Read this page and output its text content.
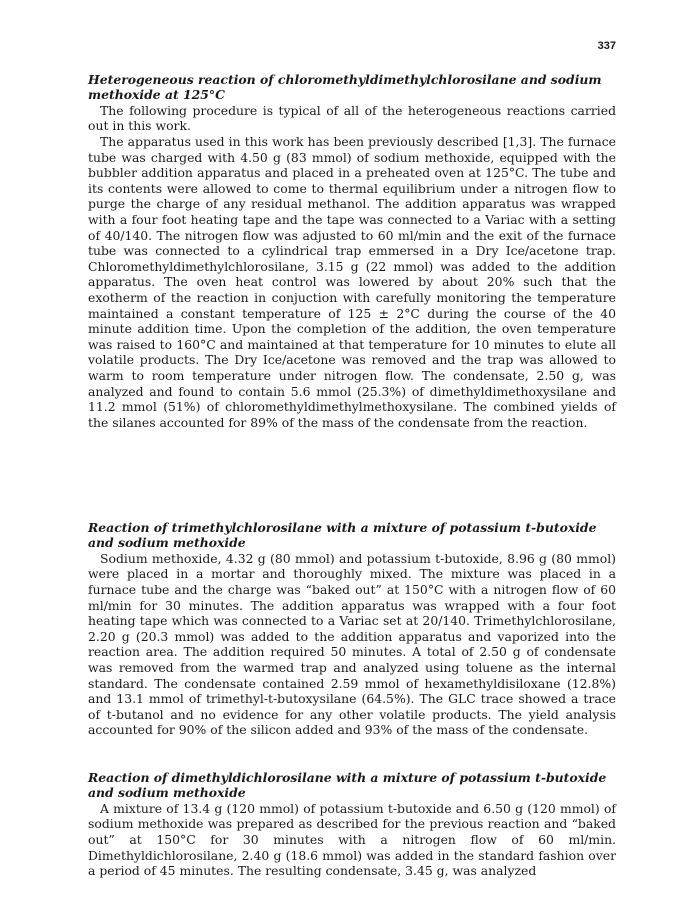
337

Heterogeneous reaction of chloromethyldimethylchlorosilane and sodium methoxide at 125°C

The following procedure is typical of all of the heterogeneous reactions carried out in this work.

The apparatus used in this work has been previously described [1,3]. The furnace tube was charged with 4.50 g (83 mmol) of sodium methoxide, equipped with the bubbler addition apparatus and placed in a preheated oven at 125°C. The tube and its contents were allowed to come to thermal equilibrium under a nitrogen flow to purge the charge of any residual methanol. The addition apparatus was wrapped with a four foot heating tape and the tape was connected to a Variac with a setting of 40/140. The nitrogen flow was adjusted to 60 ml/min and the exit of the furnace tube was connected to a cylindrical trap emmersed in a Dry Ice/acetone trap. Chloromethyldimethylchlorosilane, 3.15 g (22 mmol) was added to the addition apparatus. The oven heat control was lowered by about 20% such that the exotherm of the reaction in conjuction with carefully monitoring the temperature maintained a constant temperature of 125 ± 2°C during the course of the 40 minute addition time. Upon the completion of the addition, the oven temperature was raised to 160°C and maintained at that temperature for 10 minutes to elute all volatile products. The Dry Ice/acetone was removed and the trap was allowed to warm to room temperature under nitrogen flow. The condensate, 2.50 g, was analyzed and found to contain 5.6 mmol (25.3%) of dimethyldimethoxysilane and 11.2 mmol (51%) of chloromethyldimethylmethoxysilane. The combined yields of the silanes accounted for 89% of the mass of the condensate from the reaction.

Reaction of trimethylchlorosilane with a mixture of potassium t-butoxide and sodium methoxide

Sodium methoxide, 4.32 g (80 mmol) and potassium t-butoxide, 8.96 g (80 mmol) were placed in a mortar and thoroughly mixed. The mixture was placed in a furnace tube and the charge was “baked out” at 150°C with a nitrogen flow of 60 ml/min for 30 minutes. The addition apparatus was wrapped with a four foot heating tape which was connected to a Variac set at 20/140. Trimethylchlorosilane, 2.20 g (20.3 mmol) was added to the addition apparatus and vaporized into the reaction area. The addition required 50 minutes. A total of 2.50 g of condensate was removed from the warmed trap and analyzed using toluene as the internal standard. The condensate contained 2.59 mmol of hexamethyldisiloxane (12.8%) and 13.1 mmol of trimethyl-t-butoxysilane (64.5%). The GLC trace showed a trace of t-butanol and no evidence for any other volatile products. The yield analysis accounted for 90% of the silicon added and 93% of the mass of the condensate.

Reaction of dimethyldichlorosilane with a mixture of potassium t-butoxide and sodium methoxide

A mixture of 13.4 g (120 mmol) of potassium t-butoxide and 6.50 g (120 mmol) of sodium methoxide was prepared as described for the previous reaction and “baked out” at 150°C for 30 minutes with a nitrogen flow of 60 ml/min. Dimethyldichlorosilane, 2.40 g (18.6 mmol) was added in the standard fashion over a period of 45 minutes. The resulting condensate, 3.45 g, was analyzed
